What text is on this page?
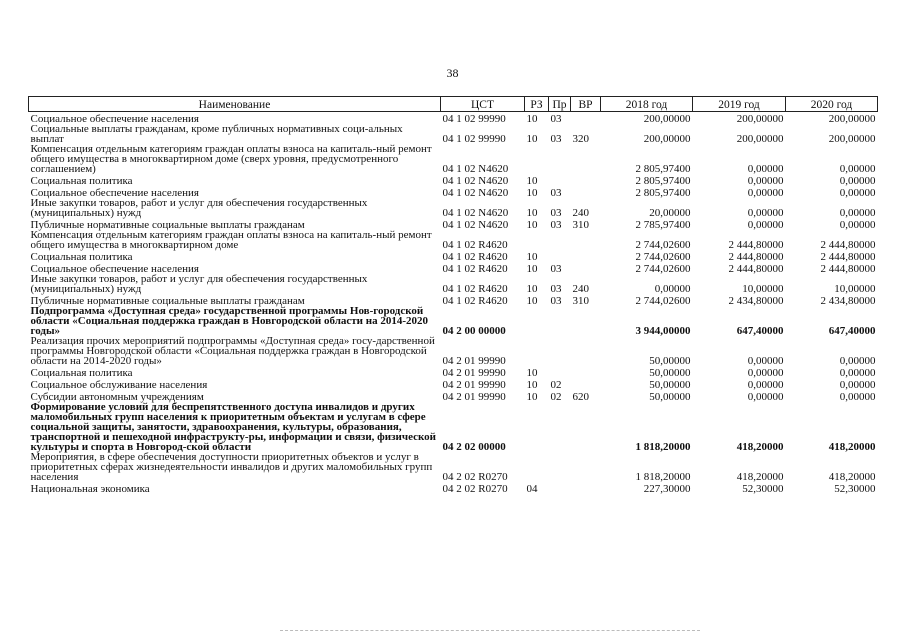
38
Наименование	ЦСТ	РЗ	Пр	ВР	2018 год	2019 год	2020 год
Социальное обеспечение населения	04 1 02 99990	10	03		200,00000	200,00000	200,00000
Социальные выплаты гражданам, кроме публичных нормативных соци-альных выплат	04 1 02 99990	10	03	320	200,00000	200,00000	200,00000
Компенсация отдельным категориям граждан оплаты взноса на капиталь-ный ремонт общего имущества в многоквартирном доме (сверх уровня, предусмотренного соглашением)	04 1 02 N4620				2 805,97400	0,00000	0,00000
Социальная политика	04 1 02 N4620	10			2 805,97400	0,00000	0,00000
Социальное обеспечение населения	04 1 02 N4620	10	03		2 805,97400	0,00000	0,00000
Иные закупки товаров, работ и услуг для обеспечения государственных (муниципальных) нужд	04 1 02 N4620	10	03	240	20,00000	0,00000	0,00000
Публичные нормативные социальные выплаты гражданам	04 1 02 N4620	10	03	310	2 785,97400	0,00000	0,00000
Компенсация отдельным категориям граждан оплаты взноса на капиталь-ный ремонт общего имущества в многоквартирном доме	04 1 02 R4620				2 744,02600	2 444,80000	2 444,80000
Социальная политика	04 1 02 R4620	10			2 744,02600	2 444,80000	2 444,80000
Социальное обеспечение населения	04 1 02 R4620	10	03		2 744,02600	2 444,80000	2 444,80000
Иные закупки товаров, работ и услуг для обеспечения государственных (муниципальных) нужд	04 1 02 R4620	10	03	240	0,00000	10,00000	10,00000
Публичные нормативные социальные выплаты гражданам	04 1 02 R4620	10	03	310	2 744,02600	2 434,80000	2 434,80000
Подпрограмма «Доступная среда» государственной программы Нов-городской области «Социальная поддержка граждан в Новгородской области на 2014-2020 годы»	04 2 00 00000				3 944,00000	647,40000	647,40000
Реализация прочих мероприятий подпрограммы «Доступная среда» госу-дарственной программы Новгородской области «Социальная поддержка граждан в Новгородской области на 2014-2020 годы»	04 2 01 99990				50,00000	0,00000	0,00000
Социальная политика	04 2 01 99990	10			50,00000	0,00000	0,00000
Социальное обслуживание населения	04 2 01 99990	10	02		50,00000	0,00000	0,00000
Субсидии автономным учреждениям	04 2 01 99990	10	02	620	50,00000	0,00000	0,00000
Формирование условий для беспрепятственного доступа инвалидов и других маломобильных групп населения к приоритетным объектам и услугам в сфере социальной защиты, занятости, здравоохранения, культуры, образования, транспортной и пешеходной инфраструкту-ры, информации и связи, физической культуры и спорта в Новгород-ской области	04 2 02 00000				1 818,20000	418,20000	418,20000
Мероприятия, в сфере обеспечения доступности приоритетных объектов и услуг в приоритетных сферах жизнедеятельности инвалидов и других маломобильных групп населения	04 2 02 R0270				1 818,20000	418,20000	418,20000
Национальная экономика	04 2 02 R0270	04			227,30000	52,30000	52,30000
